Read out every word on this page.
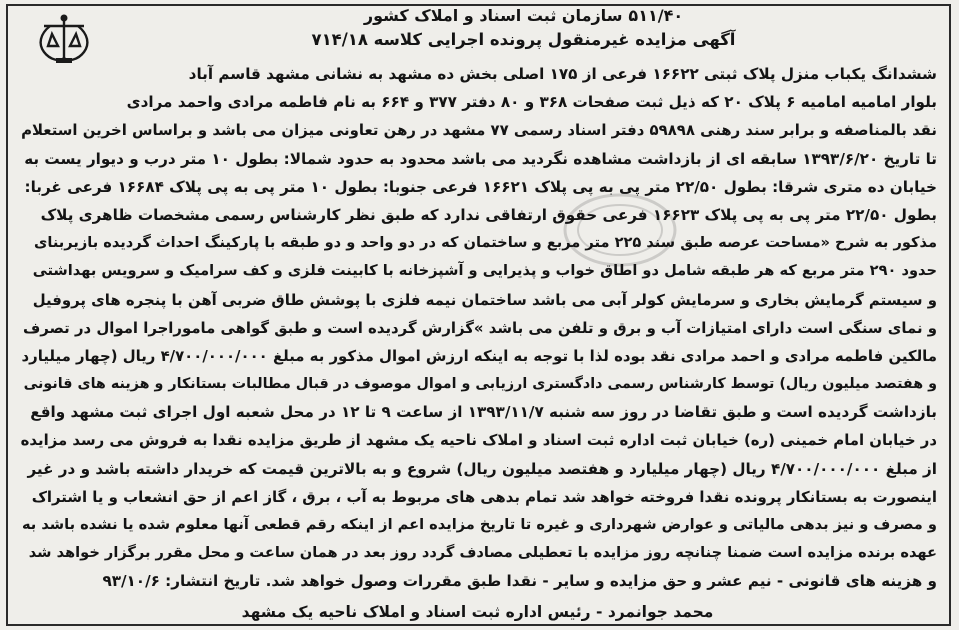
۵۱۱/۴۰سازمان ثبت اسناد و املاک کشور
آگهی مزایده غیرمنقول پرونده اجرایی کلاسه ۷۱۴/۱۸
ششدانگ یکباب منزل پلاک ثبتی ۱۶۶۲۲ فرعی از ۱۷۵ اصلی بخش ده مشهد به نشانی مشهد قاسم آباد
بلوار امامیه امامیه ۶ پلاک ۲۰ که ذیل ثبت صفحات ۳۶۸ و ۸۰ دفتر ۳۷۷ و ۶۶۴ به نام فاطمه مرادی واحمد مرادی
نقد بالمناصفه و برابر سند رهنی ۵۹۸۹۸ دفتر اسناد رسمی ۷۷ مشهد در رهن تعاونی میزان می باشد و براساس اخرین استعلام
تا تاریخ ۱۳۹۳/۶/۲۰ سابقه ای از بازداشت مشاهده نگردید می باشد محدود به حدود شمالا: بطول ۱۰ متر درب و دیوار یست به
خیابان ده متری شرقا: بطول ۲۲/۵۰ متر پی به پی پلاک ۱۶۶۲۱ فرعی جنوبا: بطول ۱۰ متر پی به پی پلاک ۱۶۶۸۴ فرعی غربا:
بطول ۲۲/۵۰ متر پی به پی پلاک ۱۶۶۲۳ فرعی حقوق ارتفاقی ندارد که طبق نظر کارشناس رسمی مشخصات ظاهری پلاک
مذکور به شرح «مساحت عرصه طبق سند ۲۲۵ متر مربع و ساختمان که در دو واحد و دو طبقه با پارکینگ احداث گردیده بازیربنای
حدود ۲۹۰ متر مربع که هر طبقه شامل دو اطاق خواب و پذیرایی و آشپزخانه با کابینت فلزی و کف سرامیک و سرویس بهداشتی
و سیستم گرمایش بخاری و سرمایش کولر آبی می باشد ساختمان نیمه فلزی با پوشش طاق ضربی آهن با پنجره های پروفیل
و نمای سنگی است دارای امتیازات آب و برق و تلفن می باشد »گزارش گردیده است و طبق گواهی ماموراجرا اموال در تصرف
مالکین فاطمه مرادی و احمد مرادی نقد بوده لذا با توجه به اینکه ارزش اموال مذکور به مبلغ ۴/۷۰۰/۰۰۰/۰۰۰ ریال (چهار میلیارد
و هفتصد میلیون ریال) توسط کارشناس رسمی دادگستری ارزیابی و اموال موصوف در قبال مطالبات بستانکار و هزینه های قانونی
بازداشت گردیده است و طبق تقاضا در روز سه شنبه ۱۳۹۳/۱۱/۷ از ساعت ۹ تا ۱۲ در محل شعبه اول اجرای ثبت مشهد واقع
در خیابان امام خمینی (ره) خیابان ثبت اداره ثبت اسناد و املاک ناحیه یک مشهد از طریق مزایده نقدا به فروش می رسد مزایده
از مبلغ ۴/۷۰۰/۰۰۰/۰۰۰ ریال (چهار میلیارد و هفتصد میلیون ریال) شروع و به بالاترین قیمت که خریدار داشته باشد و در غیر
اینصورت به بستانکار پرونده نقدا فروخته خواهد شد تمام بدهی های مربوط به آب ، برق ، گاز اعم از حق انشعاب و یا اشتراک
و مصرف و نیز بدهی مالیاتی و عوارض شهرداری و غیره تا تاریخ مزایده اعم از اینکه رقم قطعی آنها معلوم شده یا نشده باشد به
عهده برنده مزایده است ضمنا چنانچه روز مزایده با تعطیلی مصادف گردد روز بعد در همان ساعت و محل مقرر برگزار خواهد شد
و هزینه های قانونی - نیم عشر و حق مزایده و سایر - نقدا طبق مقررات وصول خواهد شد. تاریخ انتشار: ۹۳/۱۰/۶
محمد جوانمرد - رئیس اداره ثبت اسناد و املاک ناحیه یک مشهد
